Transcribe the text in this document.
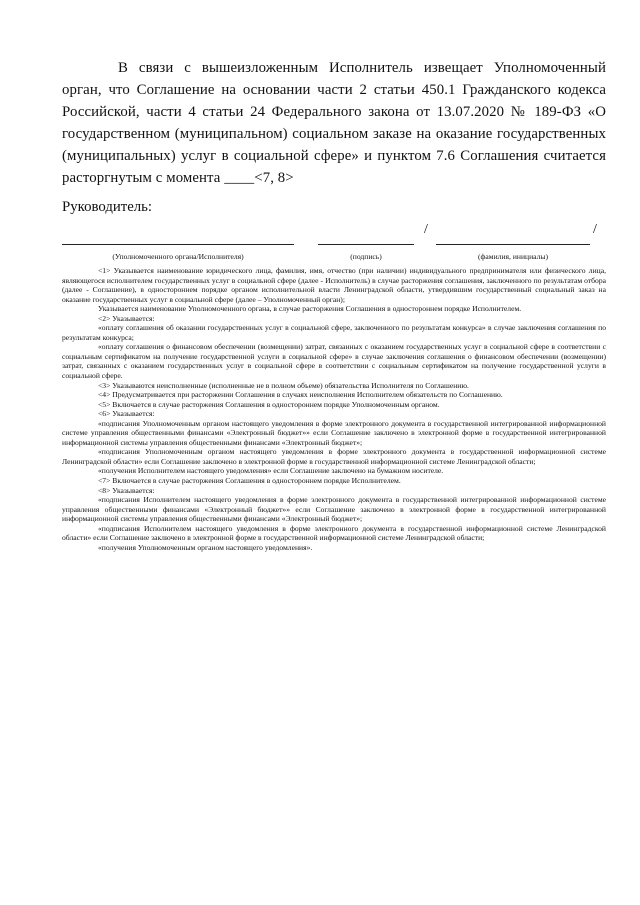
В связи с вышеизложенным Исполнитель извещает Уполномоченный орган, что Соглашение на основании части 2 статьи 450.1 Гражданского кодекса Российской, части 4 статьи 24 Федерального закона от 13.07.2020 № 189-ФЗ «О государственном (муниципальном) социальном заказе на оказание государственных (муниципальных) услуг в социальной сфере» и пунктом 7.6 Соглашения считается расторгнутым с момента ____<7, 8>
Руководитель:
/	/
(Уполномоченного органа/Исполнителя)	(подпись)	(фамилия, инициалы)

<1> Указывается наименование юридического лица, фамилия, имя, отчество (при наличии) индивидуального предпринимателя или физического лица, являющегося исполнителем государственных услуг в социальной сфере (далее - Исполнитель) в случае расторжения соглашения, заключенного по результатам отбора (далее - Соглашение), в одностороннем порядке органом исполнительной власти Ленинградской области, утвердившим государственный социальный заказ на оказание государственных услуг в социальной сфере (далее – Уполномоченный орган);

Указывается наименование Уполномоченного органа, в случае расторжения Соглашения в одностороннем порядке Исполнителем.

<2> Указывается:

«оплату соглашения об оказании государственных услуг в социальной сфере, заключенного по результатам конкурса» в случае заключения соглашения по результатам конкурса;

«оплату соглашения о финансовом обеспечении (возмещении) затрат, связанных с оказанием государственных услуг в социальной сфере в соответствии с социальным сертификатом на получение государственной услуги в социальной сфере» в случае заключения соглашения о финансовом обеспечении (возмещении) затрат, связанных с оказанием государственных услуг в социальной сфере в соответствии с социальным сертификатом на получение государственной услуги в социальной сфере.

<3> Указываются неисполненные (исполненные не в полном объеме) обязательства Исполнителя по Соглашению.

<4> Предусматривается при расторжении Соглашения в случаях неисполнения Исполнителем обязательств по Соглашению.

<5> Включается в случае расторжения Соглашения в одностороннем порядке Уполномоченным органом.

<6> Указывается:

«подписания Уполномоченным органом настоящего уведомления в форме электронного документа в государственной интегрированной информационной системе управления общественными финансами «Электронный бюджет»» если Соглашение заключено в электронной форме в государственной интегрированной информационной системы управления общественными финансами «Электронный бюджет»;

«подписания Уполномоченным органом настоящего уведомления в форме электронного документа в государственной информационной системе Ленинградской области» если Соглашение заключено в электронной форме в государственной информационной системе Ленинградской области;

«получения Исполнителем настоящего уведомления» если Соглашение заключено на бумажном носителе.

<7> Включается в случае расторжения Соглашения в одностороннем порядке Исполнителем.

<8> Указывается:

«подписания Исполнителем настоящего уведомления в форме электронного документа в государственной интегрированной информационной системе управления общественными финансами «Электронный бюджет»» если Соглашение заключено в электронной форме в государственной интегрированной информационной системы управления общественными финансами «Электронный бюджет»;

«подписания Исполнителем настоящего уведомления в форме электронного документа в государственной информационной системе Ленинградской области» если Соглашение заключено в электронной форме в государственной информационной системе Ленинградской области;

«получения Уполномоченным органом настоящего уведомления».
